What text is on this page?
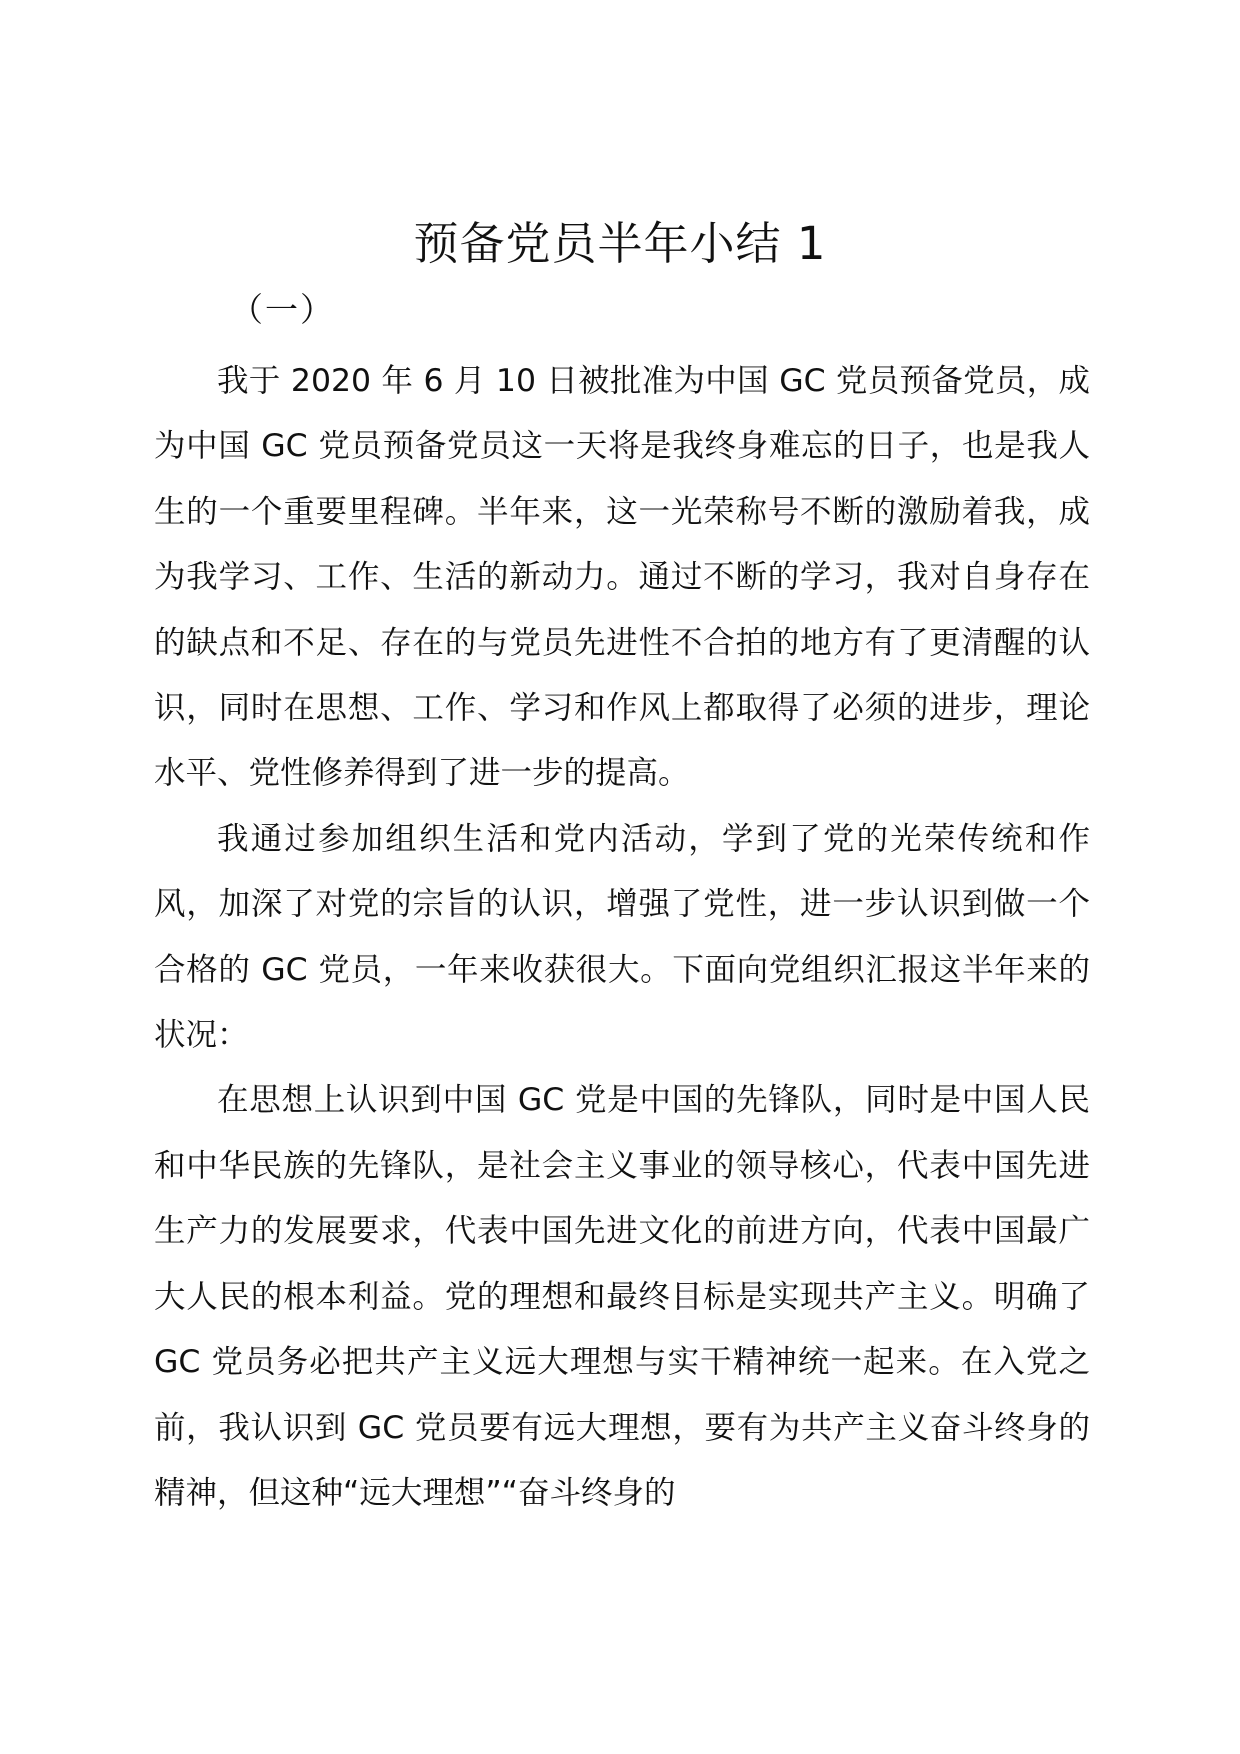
预备党员半年小结 1
（一）

我于 2020 年 6 月 10 日被批准为中国 GC 党员预备党员，成为中国 GC 党员预备党员这一天将是我终身难忘的日子，也是我人生的一个重要里程碑。半年来，这一光荣称号不断的激励着我，成为我学习、工作、生活的新动力。通过不断的学习，我对自身存在的缺点和不足、存在的与党员先进性不合拍的地方有了更清醒的认识，同时在思想、工作、学习和作风上都取得了必须的进步，理论水平、党性修养得到了进一步的提高。

我通过参加组织生活和党内活动，学到了党的光荣传统和作风，加深了对党的宗旨的认识，增强了党性，进一步认识到做一个合格的 GC 党员，一年来收获很大。下面向党组织汇报这半年来的状况：

在思想上认识到中国 GC 党是中国的先锋队，同时是中国人民和中华民族的先锋队，是社会主义事业的领导核心，代表中国先进生产力的发展要求，代表中国先进文化的前进方向，代表中国最广大人民的根本利益。党的理想和最终目标是实现共产主义。明确了 GC 党员务必把共产主义远大理想与实干精神统一起来。在入党之前，我认识到 GC 党员要有远大理想，要有为共产主义奋斗终身的精神，但这种“远大理想”“奋斗终身的
